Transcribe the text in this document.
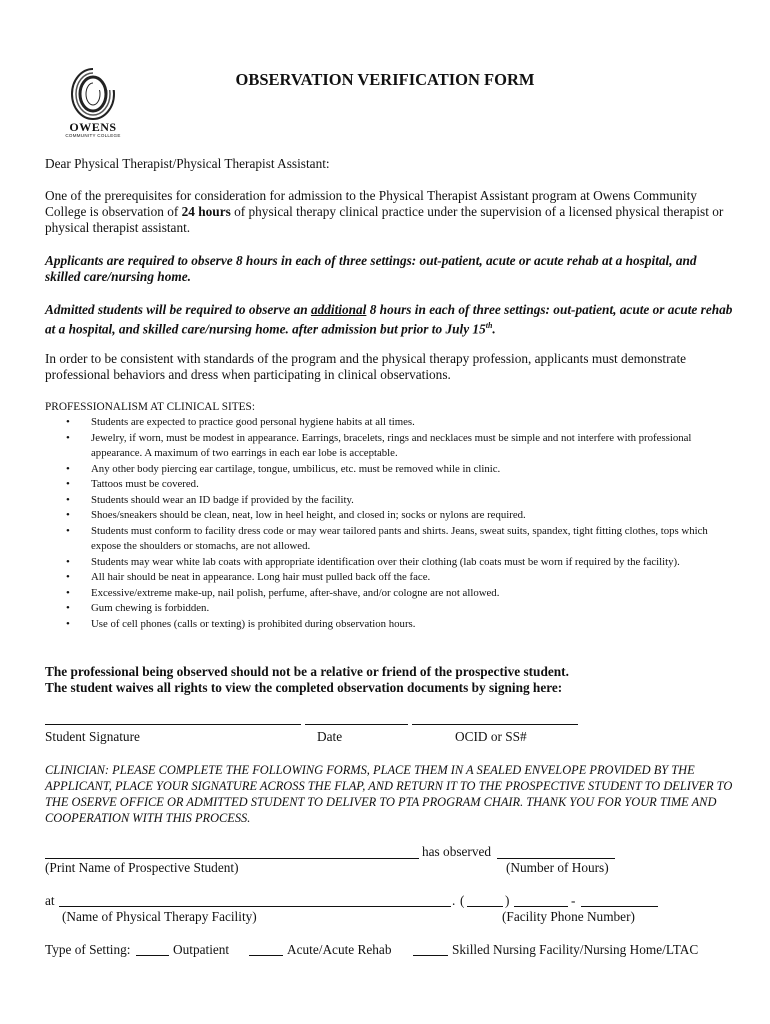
OWENS
COMMUNITY COLLEGE
OBSERVATION VERIFICATION FORM
Dear Physical Therapist/Physical Therapist Assistant:
One of the prerequisites for consideration for admission to the Physical Therapist Assistant program at Owens Community College is observation of 24 hours of physical therapy clinical practice under the supervision of a licensed physical therapist or physical therapist assistant.
Applicants are required to observe 8 hours in each of three settings: out-patient, acute or acute rehab at a hospital, and skilled care/nursing home.
Admitted students will be required to observe an additional 8 hours in each of three settings: out-patient, acute or acute rehab at a hospital, and skilled care/nursing home. after admission but prior to July 15th.
In order to be consistent with standards of the program and the physical therapy profession, applicants must demonstrate professional behaviors and dress when participating in clinical observations.
PROFESSIONALISM AT CLINICAL SITES:
• Students are expected to practice good personal hygiene habits at all times.
• Jewelry, if worn, must be modest in appearance. Earrings, bracelets, rings and necklaces must be simple and not interfere with professional appearance. A maximum of two earrings in each ear lobe is acceptable.
• Any other body piercing ear cartilage, tongue, umbilicus, etc. must be removed while in clinic.
• Tattoos must be covered.
• Students should wear an ID badge if provided by the facility.
• Shoes/sneakers should be clean, neat, low in heel height, and closed in; socks or nylons are required.
• Students must conform to facility dress code or may wear tailored pants and shirts. Jeans, sweat suits, spandex, tight fitting clothes, tops which expose the shoulders or stomachs, are not allowed.
• Students may wear white lab coats with appropriate identification over their clothing (lab coats must be worn if required by the facility).
• All hair should be neat in appearance. Long hair must pulled back off the face.
• Excessive/extreme make-up, nail polish, perfume, after-shave, and/or cologne are not allowed.
• Gum chewing is forbidden.
• Use of cell phones (calls or texting) is prohibited during observation hours.
The professional being observed should not be a relative or friend of the prospective student.
The student waives all rights to view the completed observation documents by signing here:
Student Signature	Date	OCID or SS#
CLINICIAN: PLEASE COMPLETE THE FOLLOWING FORMS, PLACE THEM IN A SEALED ENVELOPE PROVIDED BY THE APPLICANT, PLACE YOUR SIGNATURE ACROSS THE FLAP, AND RETURN IT TO THE PROSPECTIVE STUDENT TO DELIVER TO THE OSERVE OFFICE OR ADMITTED STUDENT TO DELIVER TO PTA PROGRAM CHAIR. THANK YOU FOR YOUR TIME AND COOPERATION WITH THIS PROCESS.
has observed
(Print Name of Prospective Student)	(Number of Hours)
at	. (	)	-
(Name of Physical Therapy Facility)	(Facility Phone Number)
Type of Setting:	Outpatient	Acute/Acute Rehab	Skilled Nursing Facility/Nursing Home/LTAC
